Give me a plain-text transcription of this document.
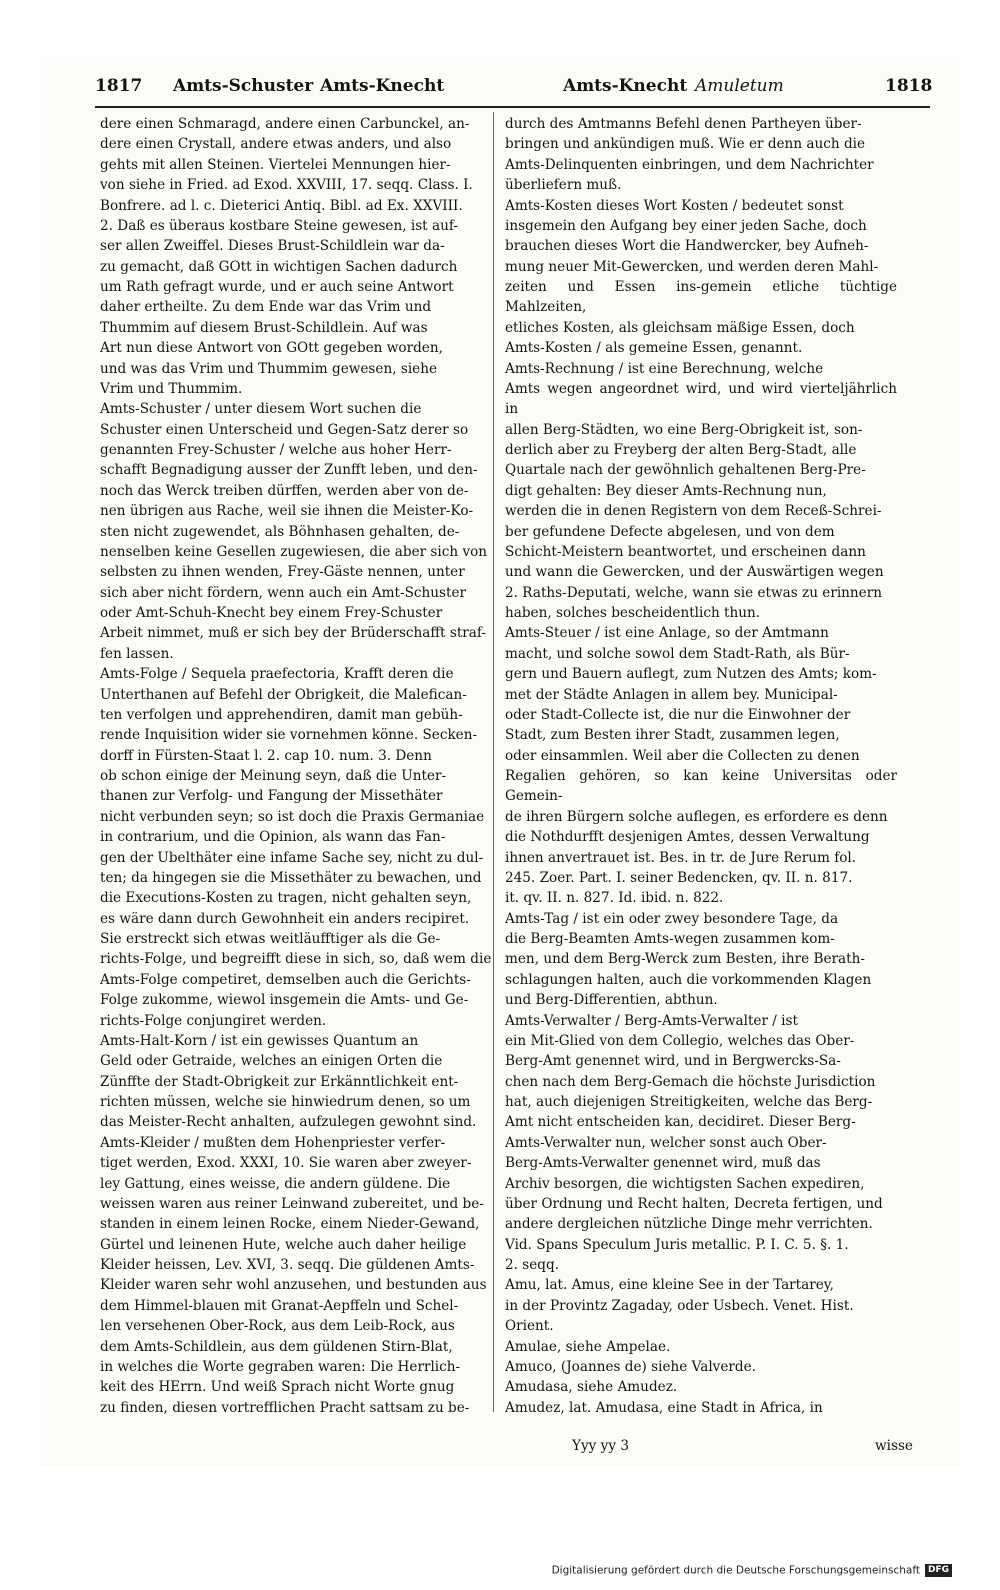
1817 Amts-Schuster Amts-Knecht	Amts-Knecht Amuletum	1818

dere einen Schmaragd, andere einen Carbunckel, an-

dere einen Crystall, andere etwas anders, und also

gehts mit allen Steinen. Viertelei Mennungen hier-

von siehe in Fried. ad Exod. XXVIII, 17. seqq. Class. I.

Bonfrere. ad l. c. Dieterici Antiq. Bibl. ad Ex. XXVIII.

2. Daß es überaus kostbare Steine gewesen, ist auf-

ser allen Zweiffel. Dieses Brust-Schildlein war da-

zu gemacht, daß GOtt in wichtigen Sachen dadurch

um Rath gefragt wurde, und er auch seine Antwort

daher ertheilte. Zu dem Ende war das Vrim und

Thummim auf diesem Brust-Schildlein. Auf was

Art nun diese Antwort von GOtt gegeben worden,

und was das Vrim und Thummim gewesen, siehe

Vrim und Thummim.

Amts-Schuster / unter diesem Wort suchen die

Schuster einen Unterscheid und Gegen-Satz derer so

genannten Frey-Schuster / welche aus hoher Herr-

schafft Begnadigung ausser der Zunfft leben, und den-

noch das Werck treiben dürffen, werden aber von de-

nen übrigen aus Rache, weil sie ihnen die Meister-Ko-

sten nicht zugewendet, als Böhnhasen gehalten, de-

nenselben keine Gesellen zugewiesen, die aber sich von

selbsten zu ihnen wenden, Frey-Gäste nennen, unter

sich aber nicht fördern, wenn auch ein Amt-Schuster

oder Amt-Schuh-Knecht bey einem Frey-Schuster

Arbeit nimmet, muß er sich bey der Brüderschafft straf-

fen lassen.

Amts-Folge / Sequela praefectoria, Krafft deren die

Unterthanen auf Befehl der Obrigkeit, die Malefican-

ten verfolgen und apprehendiren, damit man gebüh-

rende Inquisition wider sie vornehmen könne. Secken-

dorff in Fürsten-Staat l. 2. cap 10. num. 3. Denn

ob schon einige der Meinung seyn, daß die Unter-

thanen zur Verfolg- und Fangung der Missethäter

nicht verbunden seyn; so ist doch die Praxis Germaniae

in contrarium, und die Opinion, als wann das Fan-

gen der Ubelthäter eine infame Sache sey, nicht zu dul-

ten; da hingegen sie die Missethäter zu bewachen, und

die Executions-Kosten zu tragen, nicht gehalten seyn,

es wäre dann durch Gewohnheit ein anders recipiret.

Sie erstreckt sich etwas weitläufftiger als die Ge-

richts-Folge, und begreifft diese in sich, so, daß wem die

Amts-Folge competiret, demselben auch die Gerichts-

Folge zukomme, wiewol insgemein die Amts- und Ge-

richts-Folge conjungiret werden.

Amts-Halt-Korn / ist ein gewisses Quantum an

Geld oder Getraide, welches an einigen Orten die

Zünffte der Stadt-Obrigkeit zur Erkänntlichkeit ent-

richten müssen, welche sie hinwiedrum denen, so um

das Meister-Recht anhalten, aufzulegen gewohnt sind.

Amts-Kleider / mußten dem Hohenpriester verfer-

tiget werden, Exod. XXXI, 10. Sie waren aber zweyer-

ley Gattung, eines weisse, die andern güldene. Die

weissen waren aus reiner Leinwand zubereitet, und be-

standen in einem leinen Rocke, einem Nieder-Gewand,

Gürtel und leinenen Hute, welche auch daher heilige

Kleider heissen, Lev. XVI, 3. seqq. Die güldenen Amts-

Kleider waren sehr wohl anzusehen, und bestunden aus

dem Himmel-blauen mit Granat-Aepffeln und Schel-

len versehenen Ober-Rock, aus dem Leib-Rock, aus

dem Amts-Schildlein, aus dem güldenen Stirn-Blat,

in welches die Worte gegraben waren: Die Herrlich-

keit des HErrn. Und weiß Sprach nicht Worte gnug

zu finden, diesen vortrefflichen Pracht sattsam zu be-

durch des Amtmanns Befehl denen Partheyen über-

bringen und ankündigen muß. Wie er denn auch die

Amts-Delinquenten einbringen, und dem Nachrichter

überliefern muß.

Amts-Kosten dieses Wort Kosten / bedeutet sonst

insgemein den Aufgang bey einer jeden Sache, doch

brauchen dieses Wort die Handwercker, bey Aufneh-

mung neuer Mit-Gewercken, und werden deren Mahl-

zeiten und Essen ins-gemein etliche tüchtige Mahlzeiten,

etliches Kosten, als gleichsam mäßige Essen, doch

Amts-Kosten / als gemeine Essen, genannt.

Amts-Rechnung / ist eine Berechnung, welche

Amts wegen angeordnet wird, und wird vierteljährlich in

allen Berg-Städten, wo eine Berg-Obrigkeit ist, son-

derlich aber zu Freyberg der alten Berg-Stadt, alle

Quartale nach der gewöhnlich gehaltenen Berg-Pre-

digt gehalten: Bey dieser Amts-Rechnung nun,

werden die in denen Registern von dem Receß-Schrei-

ber gefundene Defecte abgelesen, und von dem

Schicht-Meistern beantwortet, und erscheinen dann

und wann die Gewercken, und der Auswärtigen wegen

2. Raths-Deputati, welche, wann sie etwas zu erinnern

haben, solches bescheidentlich thun.

Amts-Steuer / ist eine Anlage, so der Amtmann

macht, und solche sowol dem Stadt-Rath, als Bür-

gern und Bauern auflegt, zum Nutzen des Amts; kom-

met der Städte Anlagen in allem bey. Municipal-

oder Stadt-Collecte ist, die nur die Einwohner der

Stadt, zum Besten ihrer Stadt, zusammen legen,

oder einsammlen. Weil aber die Collecten zu denen

Regalien gehören, so kan keine Universitas oder Gemein-

de ihren Bürgern solche auflegen, es erfordere es denn

die Nothdurfft desjenigen Amtes, dessen Verwaltung

ihnen anvertrauet ist. Bes. in tr. de Jure Rerum fol.

245. Zoer. Part. I. seiner Bedencken, qv. II. n. 817.

it. qv. II. n. 827. Id. ibid. n. 822.

Amts-Tag / ist ein oder zwey besondere Tage, da

die Berg-Beamten Amts-wegen zusammen kom-

men, und dem Berg-Werck zum Besten, ihre Berath-

schlagungen halten, auch die vorkommenden Klagen

und Berg-Differentien, abthun.

Amts-Verwalter / Berg-Amts-Verwalter / ist

ein Mit-Glied von dem Collegio, welches das Ober-

Berg-Amt genennet wird, und in Bergwercks-Sa-

chen nach dem Berg-Gemach die höchste Jurisdiction

hat, auch diejenigen Streitigkeiten, welche das Berg-

Amt nicht entscheiden kan, decidiret. Dieser Berg-

Amts-Verwalter nun, welcher sonst auch Ober-

Berg-Amts-Verwalter genennet wird, muß das

Archiv besorgen, die wichtigsten Sachen expediren,

über Ordnung und Recht halten, Decreta fertigen, und

andere dergleichen nützliche Dinge mehr verrichten.

Vid. Spans Speculum Juris metallic. P. I. C. 5. §. 1.

2. seqq.

Amu, lat. Amus, eine kleine See in der Tartarey,

in der Provintz Zagaday, oder Usbech. Venet. Hist.

Orient.

Amulae, siehe Ampelae.

Amuco, (Joannes de) siehe Valverde.

Amudasa, siehe Amudez.

Amudez, lat. Amudasa, eine Stadt in Africa, in

Yyy yy 3	wisse
Digitalisierung gefördert durch die Deutsche Forschungsgemeinschaft DFG
